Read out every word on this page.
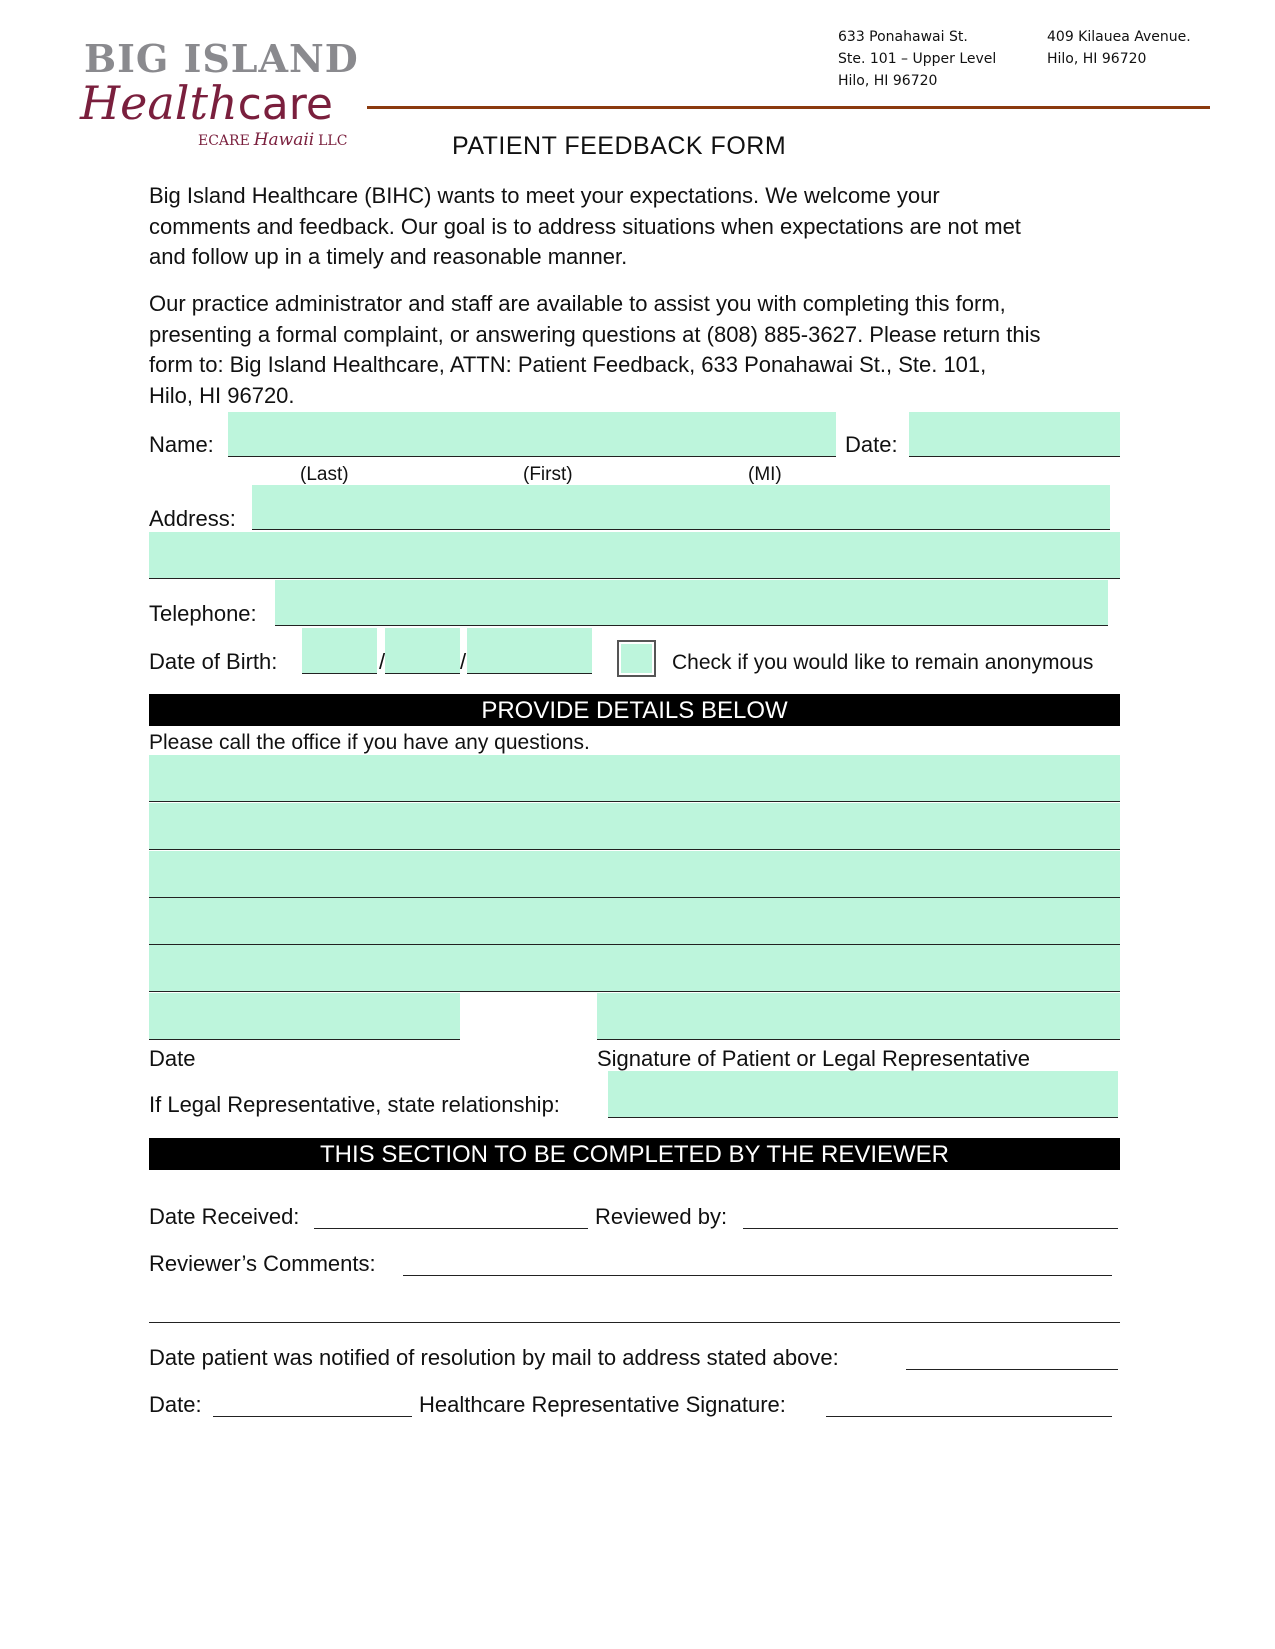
BIG ISLAND
Healthcare
ECARE Hawaii LLC
633 Ponahawai St.
Ste. 101 – Upper Level
Hilo, HI 96720
409 Kilauea Avenue.
Hilo, HI 96720
PATIENT FEEDBACK FORM
Big Island Healthcare (BIHC) wants to meet your expectations. We welcome your
comments and feedback. Our goal is to address situations when expectations are not met
and follow up in a timely and reasonable manner.
Our practice administrator and staff are available to assist you with completing this form,
presenting a formal complaint, or answering questions at (808) 885-3627. Please return this
form to: Big Island Healthcare, ATTN: Patient Feedback, 633 Ponahawai St., Ste. 101,
Hilo, HI 96720.
Name:	Date:
(Last)	(First)	(MI)
Address:
Telephone:
Date of Birth:	/	/	Check if you would like to remain anonymous
PROVIDE DETAILS BELOW
Please call the office if you have any questions.
Date	Signature of Patient or Legal Representative
If Legal Representative, state relationship:
THIS SECTION TO BE COMPLETED BY THE REVIEWER
Date Received:	Reviewed by:
Reviewer’s Comments:
Date patient was notified of resolution by mail to address stated above:
Date:	Healthcare Representative Signature:
